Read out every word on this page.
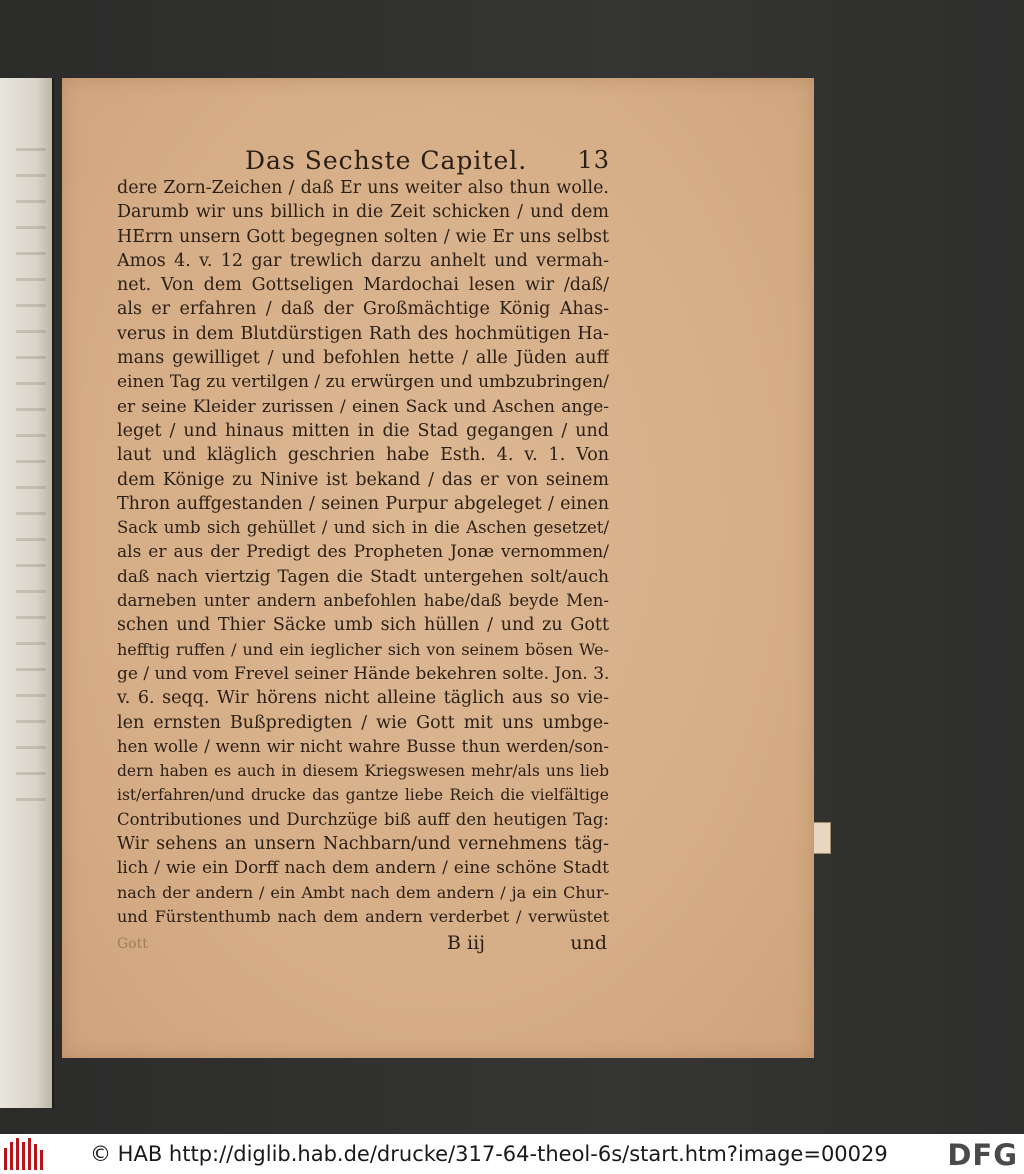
Das Sechste Capitel. 13
dere Zorn-Zeichen / daß Er uns weiter also thun wolle.
Darumb wir uns billich in die Zeit schicken / und dem
HErrn unsern Gott begegnen solten / wie Er uns selbst
Amos 4. v. 12 gar trewlich darzu anhelt und vermah-
net. Von dem Gottseligen Mardochai lesen wir /daß/
als er erfahren / daß der Großmächtige König Ahas-
verus in dem Blutdürstigen Rath des hochmütigen Ha-
mans gewilliget / und befohlen hette / alle Jüden auff
einen Tag zu vertilgen / zu erwürgen und umbzubringen/
er seine Kleider zurissen / einen Sack und Aschen ange-
leget / und hinaus mitten in die Stad gegangen / und
laut und kläglich geschrien habe Esth. 4. v. 1. Von
dem Könige zu Ninive ist bekand / das er von seinem
Thron auffgestanden / seinen Purpur abgeleget / einen
Sack umb sich gehüllet / und sich in die Aschen gesetzet/
als er aus der Predigt des Propheten Jonæ vernommen/
daß nach viertzig Tagen die Stadt untergehen solt/auch
darneben unter andern anbefohlen habe/daß beyde Men-
schen und Thier Säcke umb sich hüllen / und zu Gott
hefftig ruffen / und ein ieglicher sich von seinem bösen We-
ge / und vom Frevel seiner Hände bekehren solte. Jon. 3.
v. 6. seqq. Wir hörens nicht alleine täglich aus so vie-
len ernsten Bußpredigten / wie Gott mit uns umbge-
hen wolle / wenn wir nicht wahre Busse thun werden/son-
dern haben es auch in diesem Kriegswesen mehr/als uns lieb
ist/erfahren/und drucke das gantze liebe Reich die vielfältige
Contributiones und Durchzüge biß auff den heutigen Tag:
Wir sehens an unsern Nachbarn/und vernehmens täg-
lich / wie ein Dorff nach dem andern / eine schöne Stadt
nach der andern / ein Ambt nach dem andern / ja ein Chur-
und Fürstenthumb nach dem andern verderbet / verwüstet
Gott	B iij	und
© HAB http://diglib.hab.de/drucke/317-64-theol-6s/start.htm?image=00029 DFG
